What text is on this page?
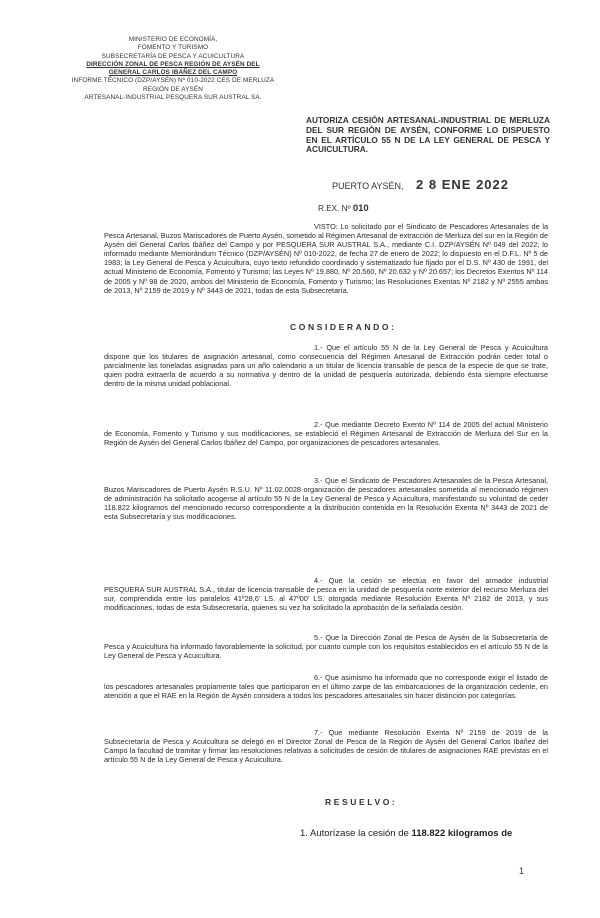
MINISTERIO DE ECONOMÍA,
FOMENTO Y TURISMO
SUBSECRETARÍA DE PESCA Y ACUICULTURA
DIRECCIÓN ZONAL DE PESCA REGIÓN DE AYSÉN DEL
GENERAL CARLOS IBÁÑEZ DEL CAMPO
INFORME TÉCNICO (DZP/AYSÉN) Nº 010-2022 CES DE MERLUZA
REGIÓN DE AYSÉN
ARTESANAL-INDUSTRIAL PESQUERA SUR AUSTRAL SA.
AUTORIZA CESIÓN ARTESANAL-INDUSTRIAL DE MERLUZA DEL SUR REGIÓN DE AYSÉN, CONFORME LO DISPUESTO EN EL ARTÍCULO 55 N DE LA LEY GENERAL DE PESCA Y ACUICULTURA.
PUERTO AYSÉN, 2 8 ENE 2022
R.EX. Nº 010

VISTO: Lo solicitado por el Sindicato de Pescadores Artesanales de la Pesca Artesanal, Buzos Mariscadores de Puerto Aysén, sometido al Régimen Artesanal de extracción de Merluza del sur en la Región de Aysén del General Carlos Ibáñez del Campo y por PESQUERA SUR AUSTRAL S.A., mediante C.I. DZP/AYSÉN Nº 049 del 2022; lo informado mediante Memorándum Técnico (DZP/AYSÉN) Nº 010-2022, de fecha 27 de enero de 2022; lo dispuesto en el D.F.L. Nº 5 de 1983; la Ley General de Pesca y Acuicultura, cuyo texto refundido coordinado y sistematizado fue fijado por el D.S. Nº 430 de 1991, del actual Ministerio de Economía, Fomento y Turismo; las Leyes Nº 19.880, Nº 20.560, Nº 20.632 y Nº 20.657; los Decretos Exentos Nº 114 de 2005 y Nº 98 de 2020, ambos del Ministerio de Economía, Fomento y Turismo; las Resoluciones Exentas Nº 2182 y Nº 2555 ambas de 2013, Nº 2159 de 2019 y Nº 3443 de 2021, todas de esta Subsecretaría.

CONSIDERANDO:

1.- Que el artículo 55 N de la Ley General de Pesca y Acuicultura dispone que los titulares de asignación artesanal, como consecuencia del Régimen Artesanal de Extracción podrán ceder total o parcialmente las toneladas asignadas para un año calendario a un titular de licencia transable de pesca de la especie de que se trate, quien podrá extraerla de acuerdo a su normativa y dentro de la unidad de pesquería autorizada, debiendo ésta siempre efectuarse dentro de la misma unidad poblacional.

2.- Que mediante Decreto Exento Nº 114 de 2005 del actual Ministerio de Economía, Fomento y Turismo y sus modificaciones, se estableció el Régimen Artesanal de Extracción de Merluza del Sur en la Región de Aysén del General Carlos Ibáñez del Campo, por organizaciones de pescadores artesanales.

3.- Que el Sindicato de Pescadores Artesanales de la Pesca Artesanal, Buzos Mariscadores de Puerto Aysén R.S.U. Nº 11.02.0028 organización de pescadores artesanales sometida al mencionado régimen de administración ha solicitado acogerse al artículo 55 N de la Ley General de Pesca y Acuicultura, manifestando su voluntad de ceder 118.822 kilogramos del mencionado recurso correspondiente a la distribución contenida en la Resolución Exenta Nº 3443 de 2021 de esta Subsecretaría y sus modificaciones.

4.- Que la cesión se efectúa en favor del armador industrial PESQUERA SUR AUSTRAL S.A., titular de licencia transable de pesca en la unidad de pesquería norte exterior del recurso Merluza del sur, comprendida entre los paralelos 41º28,6' LS. al 47º00' LS. otorgada mediante Resolución Exenta Nº 2182 de 2013, y sus modificaciones, todas de esta Subsecretaría, quienes su vez ha solicitado la aprobación de la señalada cesión.

5.- Que la Dirección Zonal de Pesca de Aysén de la Subsecretaría de Pesca y Acuicultura ha informado favorablemente la solicitud, por cuanto cumple con los requisitos establecidos en el artículo 55 N de la Ley General de Pesca y Acuicultura.

6.- Que asimismo ha informado que no corresponde exigir el listado de los pescadores artesanales propiamente tales que participaron en el último zarpe de las embarcaciones de la organización cedente, en atención a que el RAE en la Región de Aysén considera a todos los pescadores artesanales sin hacer distinción por categorías.

7.- Que mediante Resolución Exenta Nº 2159 de 2019 de la Subsecretaría de Pesca y Acuicultura se delegó en el Director Zonal de Pesca de la Región de Aysén del General Carlos Ibáñez del Campo la facultad de tramitar y firmar las resoluciones relativas a solicitudes de cesión de titulares de asignaciones RAE previstas en el artículo 55 N de la Ley General de Pesca y Acuicultura.

RESUELVO:
1. Autorízase la cesión de 118.822 kilogramos de
1
